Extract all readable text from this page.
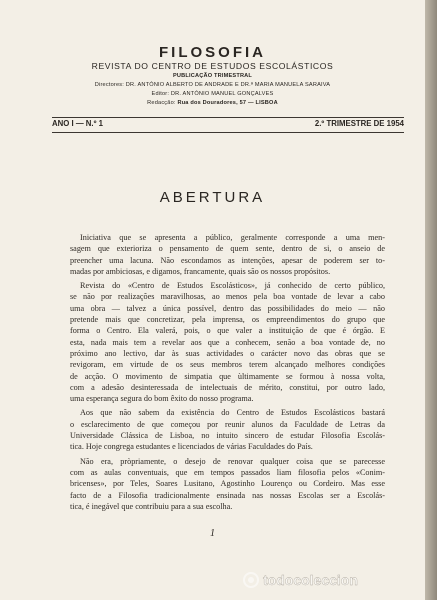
FILOSOFIA
REVISTA DO CENTRO DE ESTUDOS ESCOLÁSTICOS
PUBLICAÇÃO TRIMESTRAL
Directores: DR. ANTÓNIO ALBERTO DE ANDRADE E DR.ª MARIA MANUELA SARAIVA
Editor: DR. ANTÓNIO MANUEL GONÇALVES
Redacção: Rua dos Douradores, 57 — LISBOA
ANO I — N.º 1	2.º TRIMESTRE DE 1954
ABERTURA
Iniciativa que se apresenta a público, geralmente corresponde a uma men-
sagem que exterioriza o pensamento de quem sente, dentro de si, o anseio de
preencher uma lacuna. Não escondamos as intenções, apesar de poderem ser to-
madas por ambiciosas, e digamos, francamente, quais são os nossos propósitos.
Revista do «Centro de Estudos Escolásticos», já conhecido de certo público,
se não por realizações maravilhosas, ao menos pela boa vontade de levar a cabo
uma obra — talvez a única possível, dentro das possibilidades do meio — não
pretende mais que concretizar, pela imprensa, os empreendimentos do grupo que
forma o Centro. Ela valerá, pois, o que valer a instituição de que é órgão. E
esta, nada mais tem a revelar aos que a conhecem, senão a boa vontade de, no
próximo ano lectivo, dar às suas actividades o carácter novo das obras que se
revigoram, em virtude de os seus membros terem alcançado melhores condições
de acção. O movimento de simpatia que ùltimamente se formou à nossa volta,
com a adesão desinteressada de intelectuais de mérito, constitui, por outro lado,
uma esperança segura do bom êxito do nosso programa.
Aos que não sabem da existência do Centro de Estudos Escolásticos bastará
o esclarecimento de que começou por reunir alunos da Faculdade de Letras da
Universidade Clássica de Lisboa, no intuito sincero de estudar Filosofia Escolás-
tica. Hoje congrega estudantes e licenciados de várias Faculdades do País.
Não era, pròpriamente, o desejo de renovar qualquer coisa que se parecesse
com as aulas conventuais, que em tempos passados liam filosofia pelos «Conim-
bricenses», por Teles, Soares Lusitano, Agostinho Lourenço ou Cordeiro. Mas esse
facto de a Filosofia tradicionalmente ensinada nas nossas Escolas ser a Escolás-
tica, é inegável que contribuiu para a sua escolha.
1
todocoleccion
